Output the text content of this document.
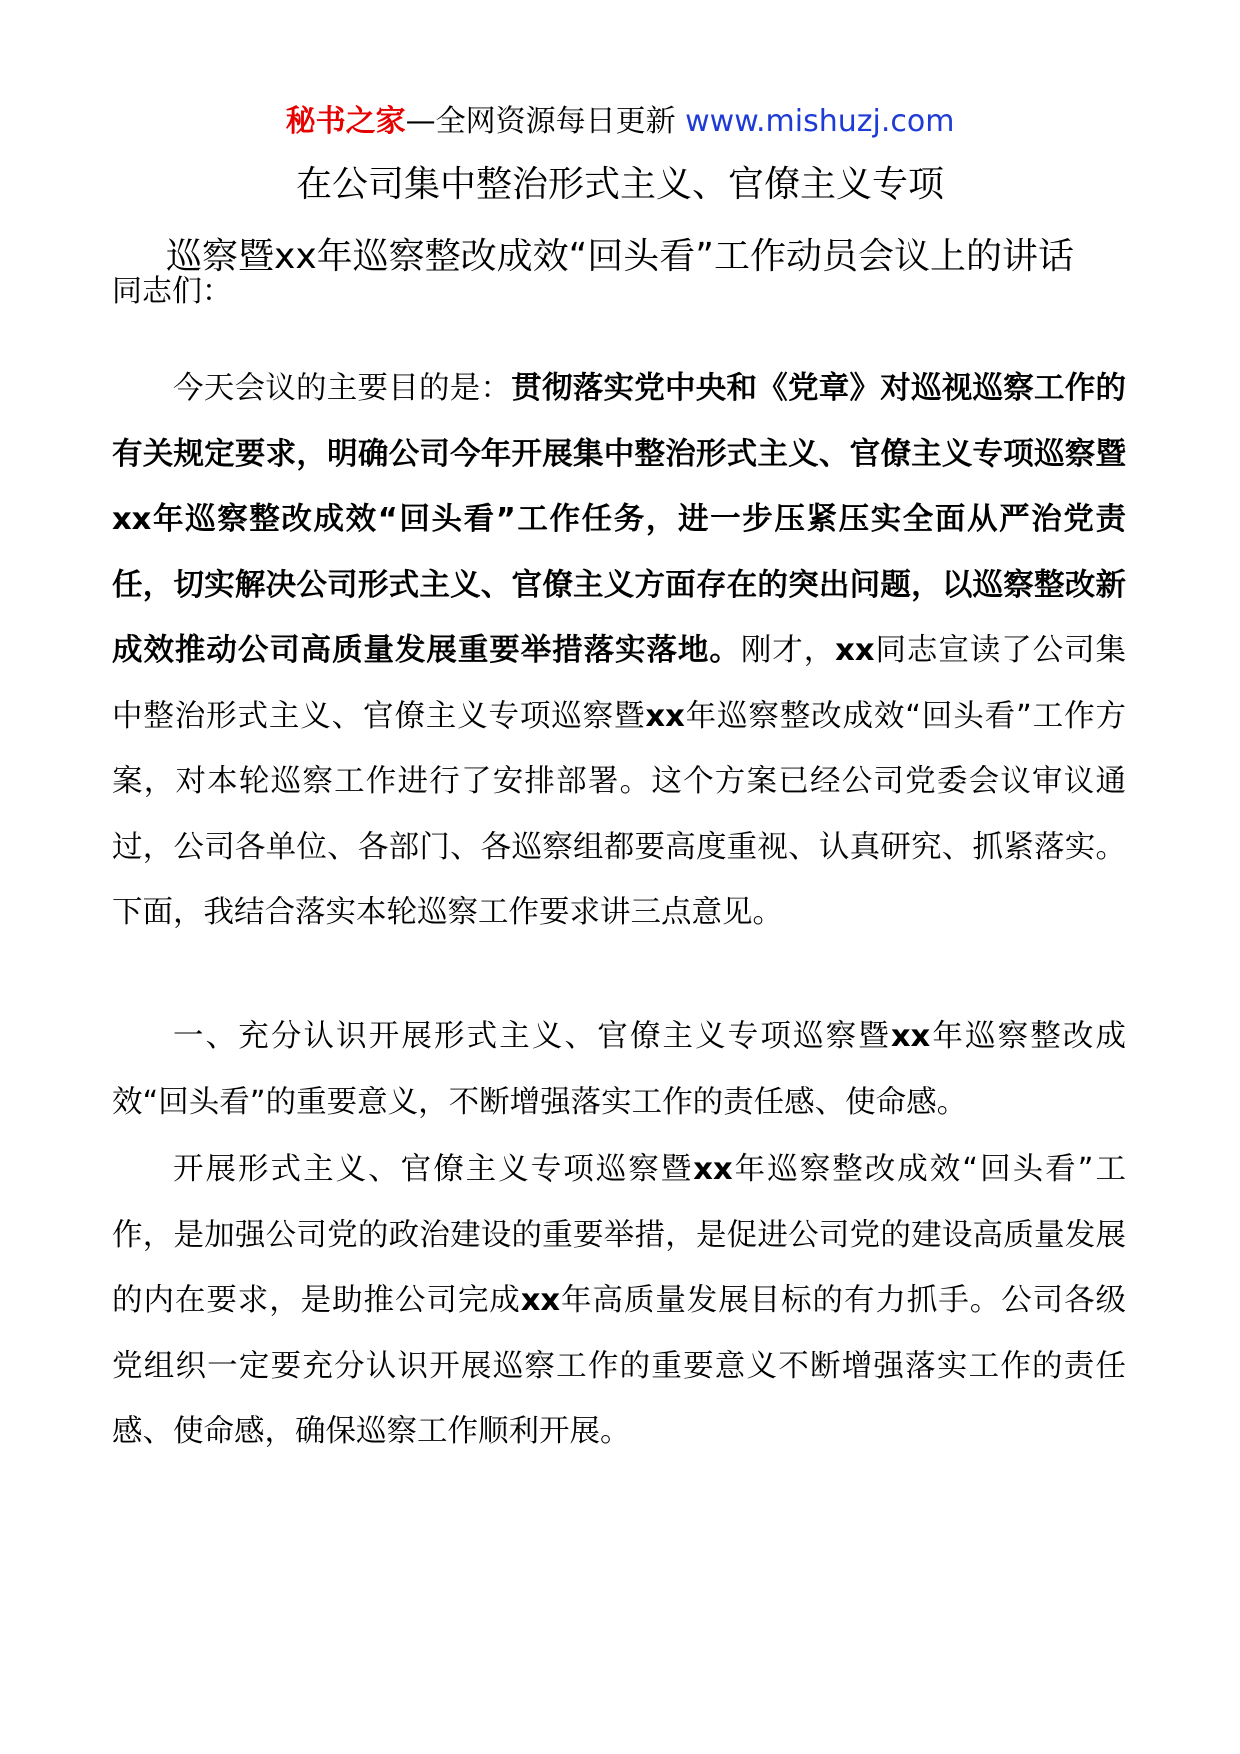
秘书之家—全网资源每日更新 www.mishuzj.com
在公司集中整治形式主义、官僚主义专项
巡察暨xx年巡察整改成效“回头看”工作动员会议上的讲话
同志们：

今天会议的主要目的是：贯彻落实党中央和《党章》对巡视巡察工作的有关规定要求，明确公司今年开展集中整治形式主义、官僚主义专项巡察暨xx年巡察整改成效“回头看”工作任务，进一步压紧压实全面从严治党责任，切实解决公司形式主义、官僚主义方面存在的突出问题，以巡察整改新成效推动公司高质量发展重要举措落实落地。刚才，xx同志宣读了公司集中整治形式主义、官僚主义专项巡察暨xx年巡察整改成效“回头看”工作方案，对本轮巡察工作进行了安排部署。这个方案已经公司党委会议审议通过，公司各单位、各部门、各巡察组都要高度重视、认真研究、抓紧落实。下面，我结合落实本轮巡察工作要求讲三点意见。

一、充分认识开展形式主义、官僚主义专项巡察暨xx年巡察整改成效“回头看”的重要意义，不断增强落实工作的责任感、使命感。

开展形式主义、官僚主义专项巡察暨xx年巡察整改成效“回头看”工作，是加强公司党的政治建设的重要举措，是促进公司党的建设高质量发展的内在要求，是助推公司完成xx年高质量发展目标的有力抓手。公司各级党组织一定要充分认识开展巡察工作的重要意义不断增强落实工作的责任感、使命感，确保巡察工作顺利开展。
